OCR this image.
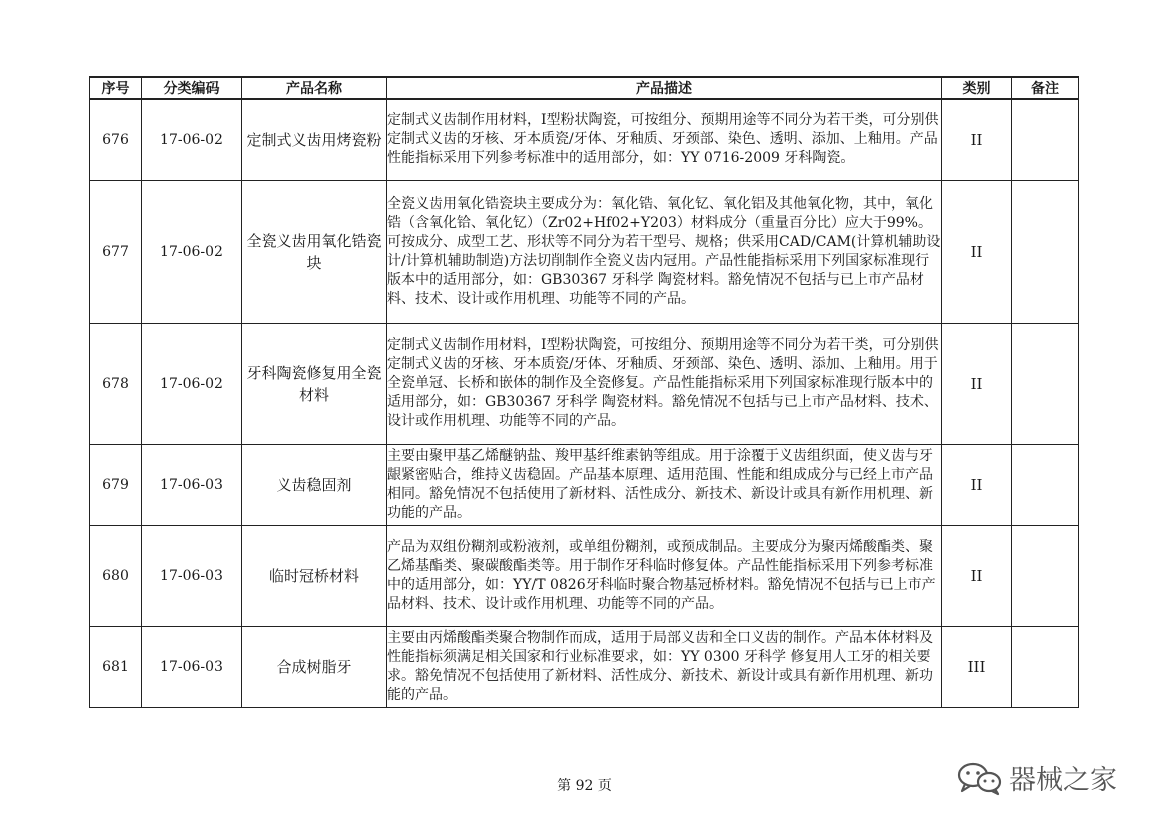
序号	分类编码	产品名称	产品描述	类别	备注
676	17-06-02	定制式义齿用烤瓷粉	定制式义齿制作用材料，I型粉状陶瓷，可按组分、预期用途等不同分为若干类，可分别供定制式义齿的牙核、牙本质瓷/牙体、牙釉质、牙颈部、染色、透明、添加、上釉用。产品性能指标采用下列参考标准中的适用部分，如：YY 0716-2009 牙科陶瓷。	II	
677	17-06-02	全瓷义齿用氧化锆瓷块	全瓷义齿用氧化锆瓷块主要成分为：氧化锆、氧化钇、氧化铝及其他氧化物，其中，氧化锆（含氧化铪、氧化钇）（Zr02+Hf02+Y203）材料成分（重量百分比）应大于99%。可按成分、成型工艺、形状等不同分为若干型号、规格；供采用CAD/CAM(计算机辅助设计/计算机辅助制造)方法切削制作全瓷义齿内冠用。产品性能指标采用下列国家标准现行版本中的适用部分，如：GB30367 牙科学 陶瓷材料。豁免情况不包括与已上市产品材料、技术、设计或作用机理、功能等不同的产品。	II	
678	17-06-02	牙科陶瓷修复用全瓷材料	定制式义齿制作用材料，I型粉状陶瓷，可按组分、预期用途等不同分为若干类，可分别供定制式义齿的牙核、牙本质瓷/牙体、牙釉质、牙颈部、染色、透明、添加、上釉用。用于全瓷单冠、长桥和嵌体的制作及全瓷修复。产品性能指标采用下列国家标准现行版本中的适用部分，如：GB30367 牙科学 陶瓷材料。豁免情况不包括与已上市产品材料、技术、设计或作用机理、功能等不同的产品。	II	
679	17-06-03	义齿稳固剂	主要由聚甲基乙烯醚钠盐、羧甲基纤维素钠等组成。用于涂覆于义齿组织面，使义齿与牙龈紧密贴合，维持义齿稳固。产品基本原理、适用范围、性能和组成成分与已经上市产品相同。豁免情况不包括使用了新材料、活性成分、新技术、新设计或具有新作用机理、新功能的产品。	II	
680	17-06-03	临时冠桥材料	产品为双组份糊剂或粉液剂，或单组份糊剂，或预成制品。主要成分为聚丙烯酸酯类、聚乙烯基酯类、聚碳酸酯类等。用于制作牙科临时修复体。产品性能指标采用下列参考标准中的适用部分，如：YY/T 0826牙科临时聚合物基冠桥材料。豁免情况不包括与已上市产品材料、技术、设计或作用机理、功能等不同的产品。	II	
681	17-06-03	合成树脂牙	主要由丙烯酸酯类聚合物制作而成，适用于局部义齿和全口义齿的制作。产品本体材料及性能指标须满足相关国家和行业标准要求，如：YY 0300 牙科学 修复用人工牙的相关要求。豁免情况不包括使用了新材料、活性成分、新技术、新设计或具有新作用机理、新功能的产品。	III	
第 92 页	器械之家
